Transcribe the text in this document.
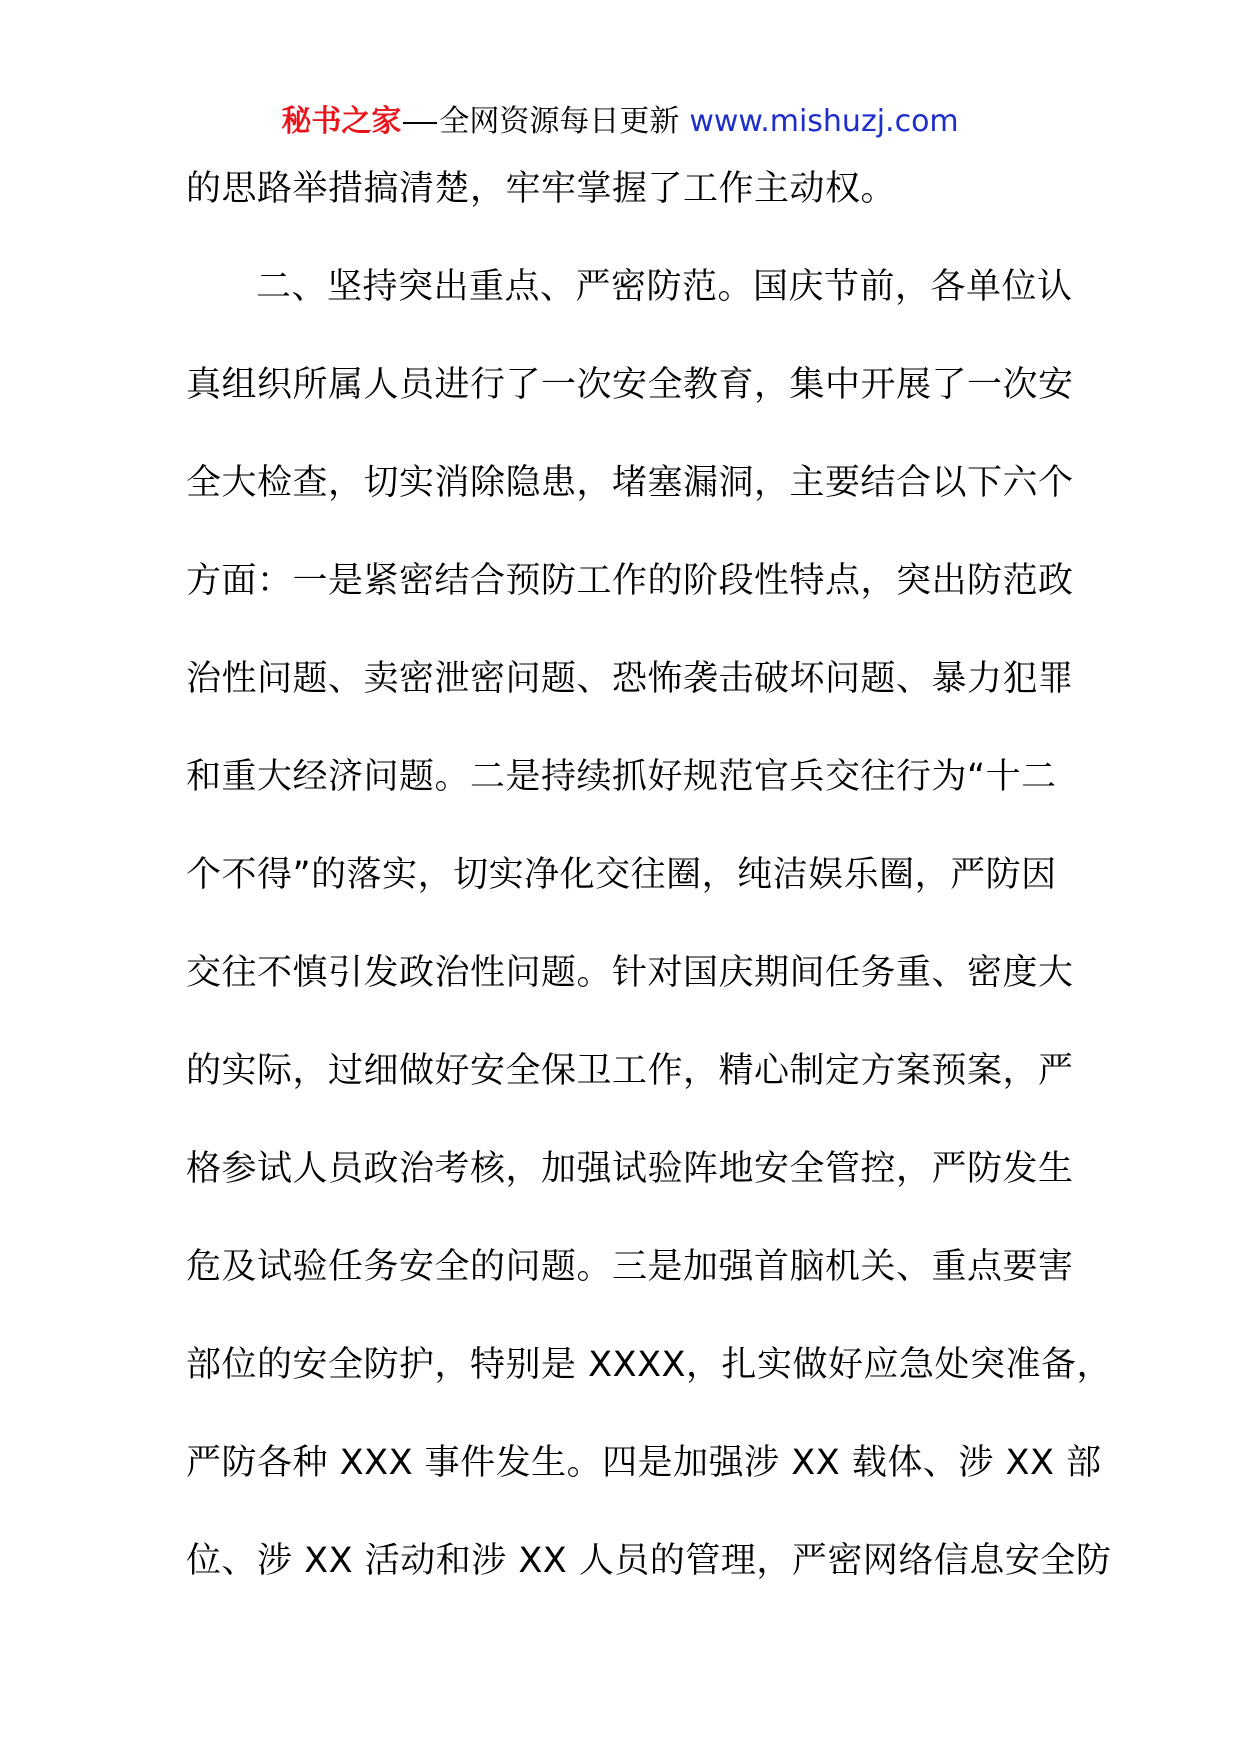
秘书之家 全网资源每日更新 www.mishuzj.com
的思路举措搞清楚，牢牢掌握了工作主动权。
二、坚持突出重点、严密防范。国庆节前，各单位认
真组织所属人员进行了一次安全教育，集中开展了一次安
全大检查，切实消除隐患，堵塞漏洞，主要结合以下六个
方面：一是紧密结合预防工作的阶段性特点，突出防范政
治性问题、卖密泄密问题、恐怖袭击破坏问题、暴力犯罪
和重大经济问题。二是持续抓好规范官兵交往行为“十二
个不得”的落实，切实净化交往圈，纯洁娱乐圈，严防因
交往不慎引发政治性问题。针对国庆期间任务重、密度大
的实际，过细做好安全保卫工作，精心制定方案预案，严
格参试人员政治考核，加强试验阵地安全管控，严防发生
危及试验任务安全的问题。三是加强首脑机关、重点要害
部位的安全防护，特别是 XXXX，扎实做好应急处突准备，
严防各种 XXX 事件发生。四是加强涉 XX 载体、涉 XX 部
位、涉 XX 活动和涉 XX 人员的管理，严密网络信息安全防
